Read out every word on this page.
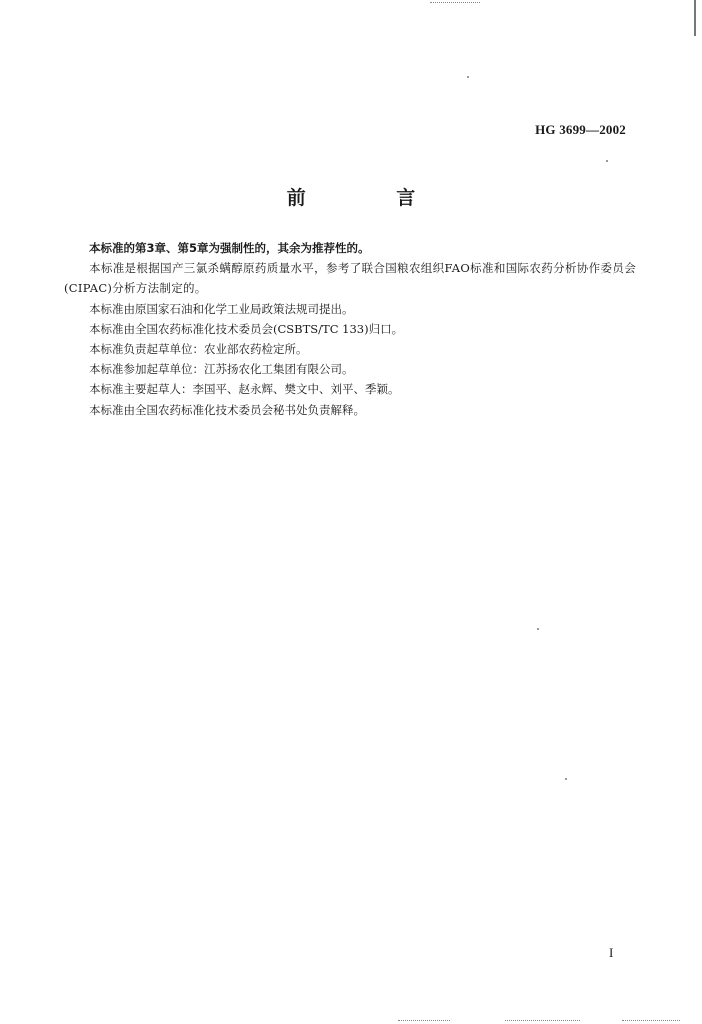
HG 3699—2002
前 言

本标准的第3章、第5章为强制性的，其余为推荐性的。

本标准是根据国产三氯杀螨醇原药质量水平，参考了联合国粮农组织FAO标准和国际农药分析协作委员会(CIPAC)分析方法制定的。

本标准由原国家石油和化学工业局政策法规司提出。

本标准由全国农药标准化技术委员会(CSBTS/TC 133)归口。

本标准负责起草单位：农业部农药检定所。

本标准参加起草单位：江苏扬农化工集团有限公司。

本标准主要起草人：李国平、赵永辉、樊文中、刘平、季颖。

本标准由全国农药标准化技术委员会秘书处负责解释。

I
